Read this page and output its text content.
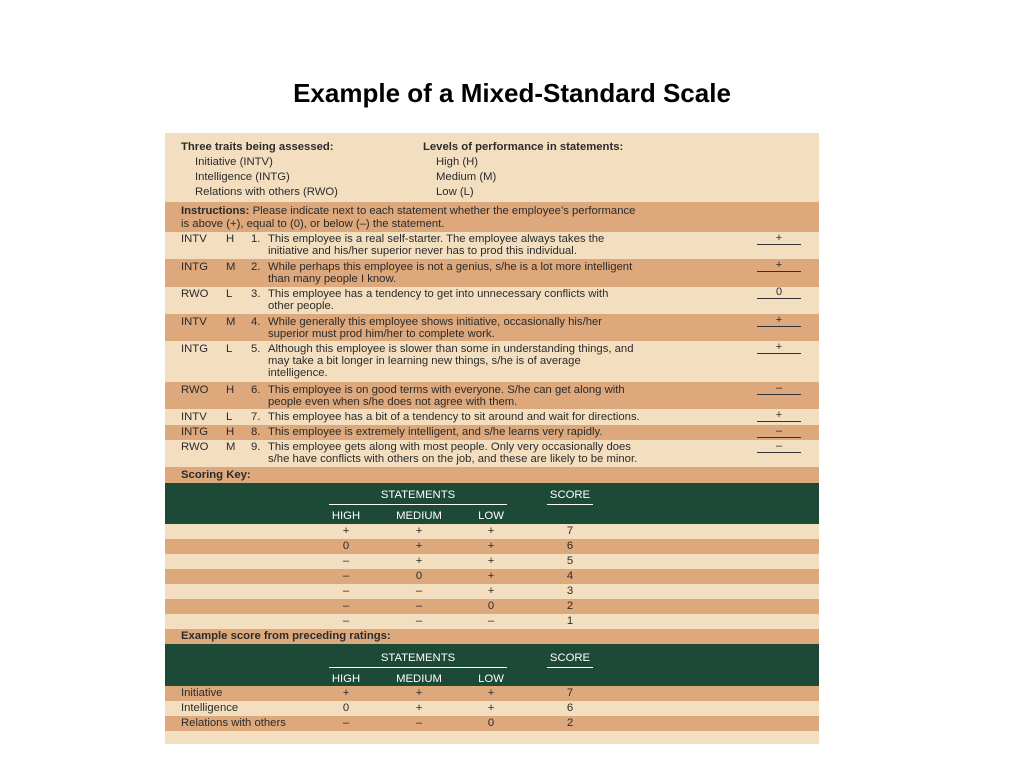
Example of a Mixed-Standard Scale
Three traits being assessed:
Initiative (INTV)
Intelligence (INTG)
Relations with others (RWO)
Levels of performance in statements:
High (H)
Medium (M)
Low (L)
Instructions: Please indicate next to each statement whether the employee’s performance
is above (+), equal to (0), or below (–) the statement.
INTV H 1. This employee is a real self-starter. The employee always takes the
initiative and his/her superior never has to prod this individual.
+
INTG M 2. While perhaps this employee is not a genius, s/he is a lot more intelligent
than many people I know.
+
RWO L 3. This employee has a tendency to get into unnecessary conflicts with
other people.
0
INTV M 4. While generally this employee shows initiative, occasionally his/her
superior must prod him/her to complete work.
+
INTG L 5. Although this employee is slower than some in understanding things, and
may take a bit longer in learning new things, s/he is of average
intelligence.
+
RWO H 6. This employee is on good terms with everyone. S/he can get along with
people even when s/he does not agree with them.
–
INTV L 7. This employee has a bit of a tendency to sit around and wait for directions.	+
INTG H 8. This employee is extremely intelligent, and s/he learns very rapidly.	–
RWO M 9. This employee gets along with most people. Only very occasionally does
s/he have conflicts with others on the job, and these are likely to be minor.
–
Scoring Key:
STATEMENTS	SCORE
HIGH	MEDIUM	LOW
+	+	+	7
0	+	+	6
–	+	+	5
–	0	+	4
–	–	+	3
–	–	0	2
–	–	–	1
Example score from preceding ratings:
STATEMENTS	SCORE
HIGH	MEDIUM	LOW
Initiative	+	+	+	7
Intelligence	0	+	+	6
Relations with others	–	–	0	2
